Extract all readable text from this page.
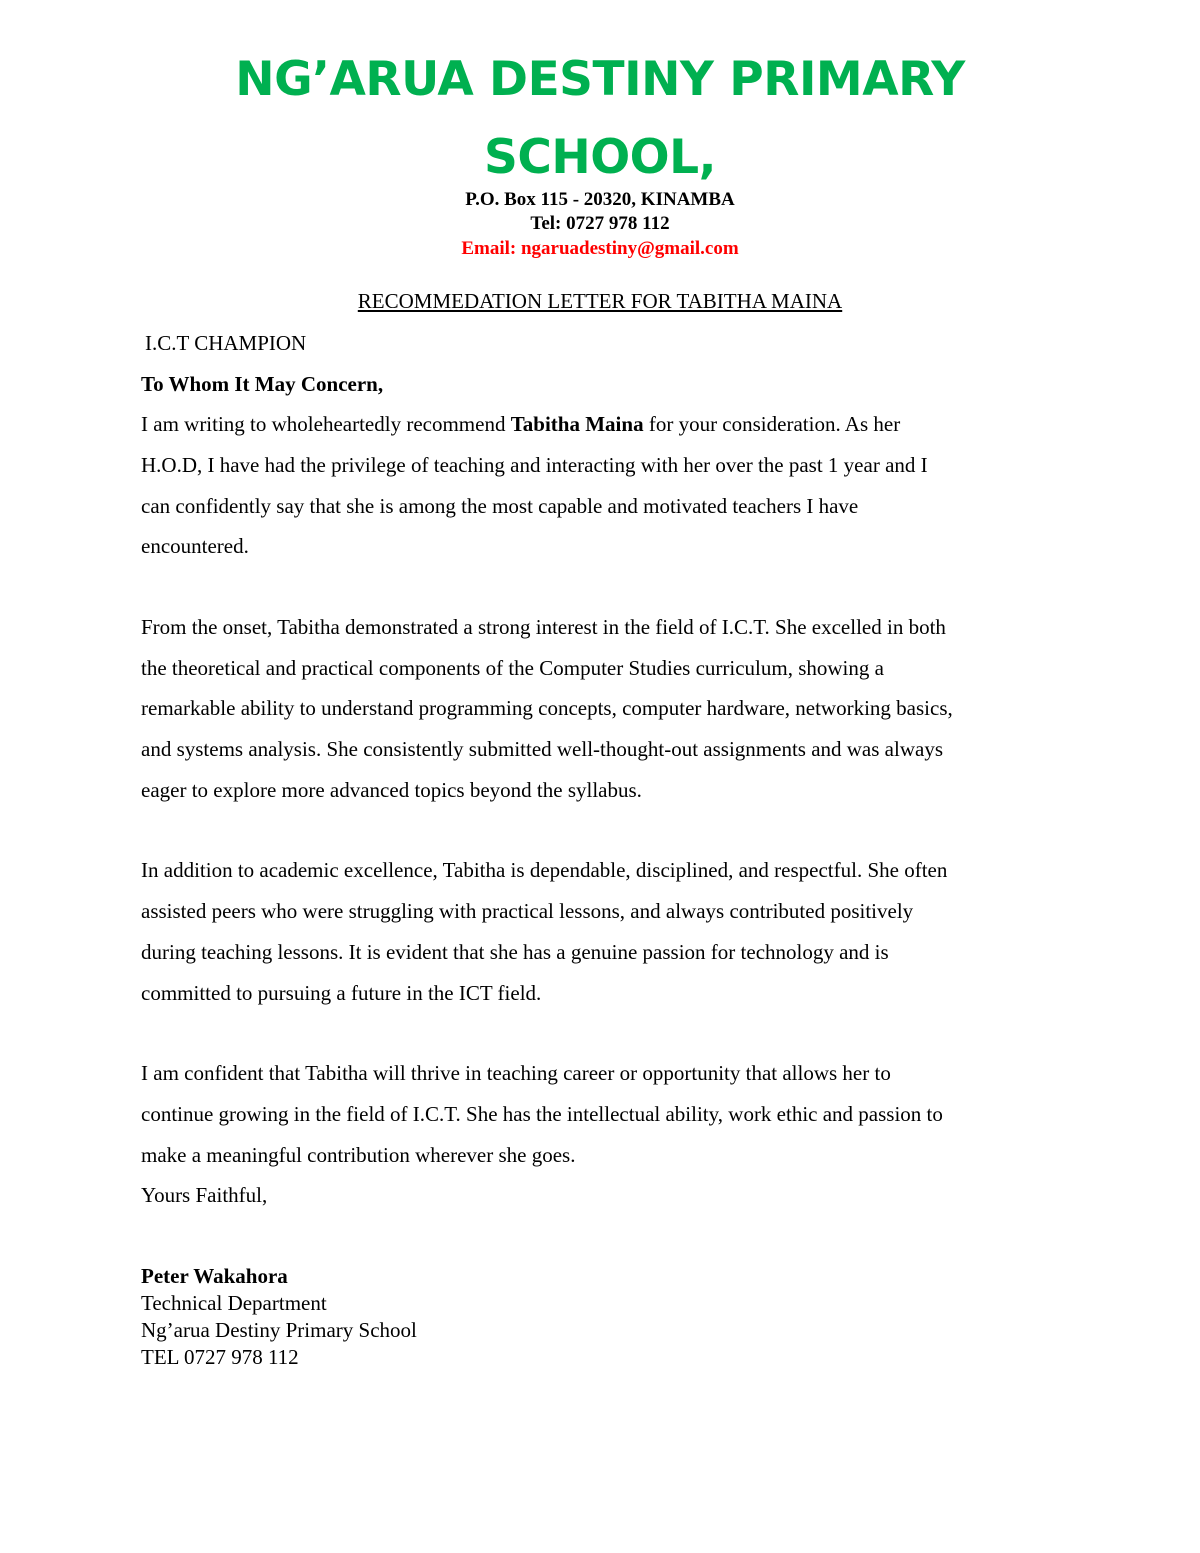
NG’ARUA DESTINY PRIMARY
SCHOOL,
P.O. Box 115 - 20320, KINAMBA
Tel: 0727 978 112
Email: ngaruadestiny@gmail.com
RECOMMEDATION LETTER FOR TABITHA MAINA
I.C.T CHAMPION
To Whom It May Concern,
I am writing to wholeheartedly recommend Tabitha Maina for your consideration. As her
H.O.D, I have had the privilege of teaching and interacting with her over the past 1 year and I
can confidently say that she is among the most capable and motivated teachers I have
encountered.
From the onset, Tabitha demonstrated a strong interest in the field of I.C.T. She excelled in both
the theoretical and practical components of the Computer Studies curriculum, showing a
remarkable ability to understand programming concepts, computer hardware, networking basics,
and systems analysis. She consistently submitted well-thought-out assignments and was always
eager to explore more advanced topics beyond the syllabus.
In addition to academic excellence, Tabitha is dependable, disciplined, and respectful. She often
assisted peers who were struggling with practical lessons, and always contributed positively
during teaching lessons. It is evident that she has a genuine passion for technology and is
committed to pursuing a future in the ICT field.
I am confident that Tabitha will thrive in teaching career or opportunity that allows her to
continue growing in the field of I.C.T. She has the intellectual ability, work ethic and passion to
make a meaningful contribution wherever she goes.
Yours Faithful,
Peter Wakahora
Technical Department
Ng’arua Destiny Primary School
TEL 0727 978 112
